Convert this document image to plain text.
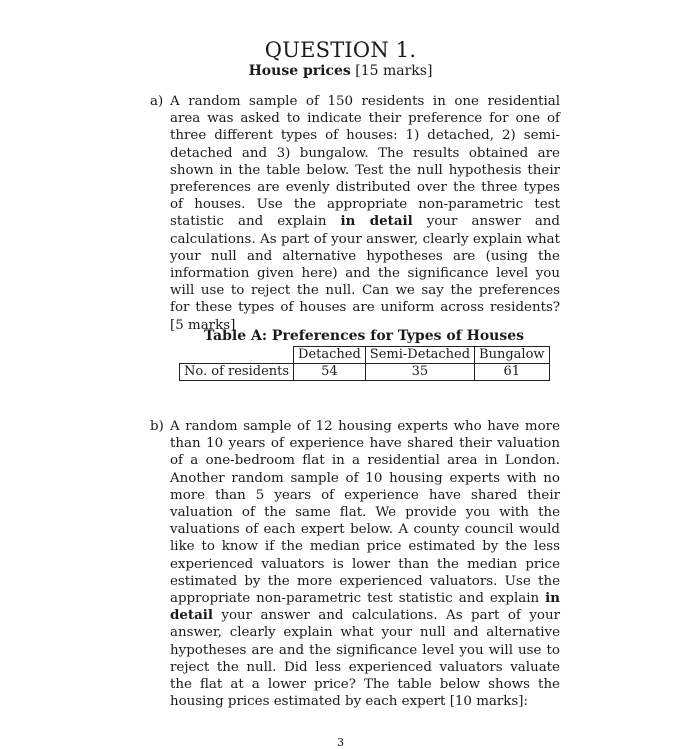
QUESTION 1.

House prices [15 marks]

a) A random sample of 150 residents in one residential area was asked to indicate their preference for one of three different types of houses: 1) detached, 2) semi-detached and 3) bungalow. The results obtained are shown in the table below. Test the null hypothesis their preferences are evenly distributed over the three types of houses. Use the appropriate non-parametric test statistic and explain in detail your answer and calculations. As part of your answer, clearly explain what your null and alternative hypotheses are (using the information given here) and the significance level you will use to reject the null. Can we say the preferences for these types of houses are uniform across residents? [5 marks]

Table A: Preferences for Types of Houses

	Detached	Semi-Detached	Bungalow
No. of residents	54	35	61
b) A random sample of 12 housing experts who have more than 10 years of experience have shared their valuation of a one-bedroom flat in a residential area in London. Another random sample of 10 housing experts with no more than 5 years of experience have shared their valuation of the same flat. We provide you with the valuations of each expert below. A county council would like to know if the median price estimated by the less experienced valuators is lower than the median price estimated by the more experienced valuators. Use the appropriate non-parametric test statistic and explain in detail your answer and calculations. As part of your answer, clearly explain what your null and alternative hypotheses are and the significance level you will use to reject the null. Did less experienced valuators valuate the flat at a lower price? The table below shows the housing prices estimated by each expert [10 marks]:
3
